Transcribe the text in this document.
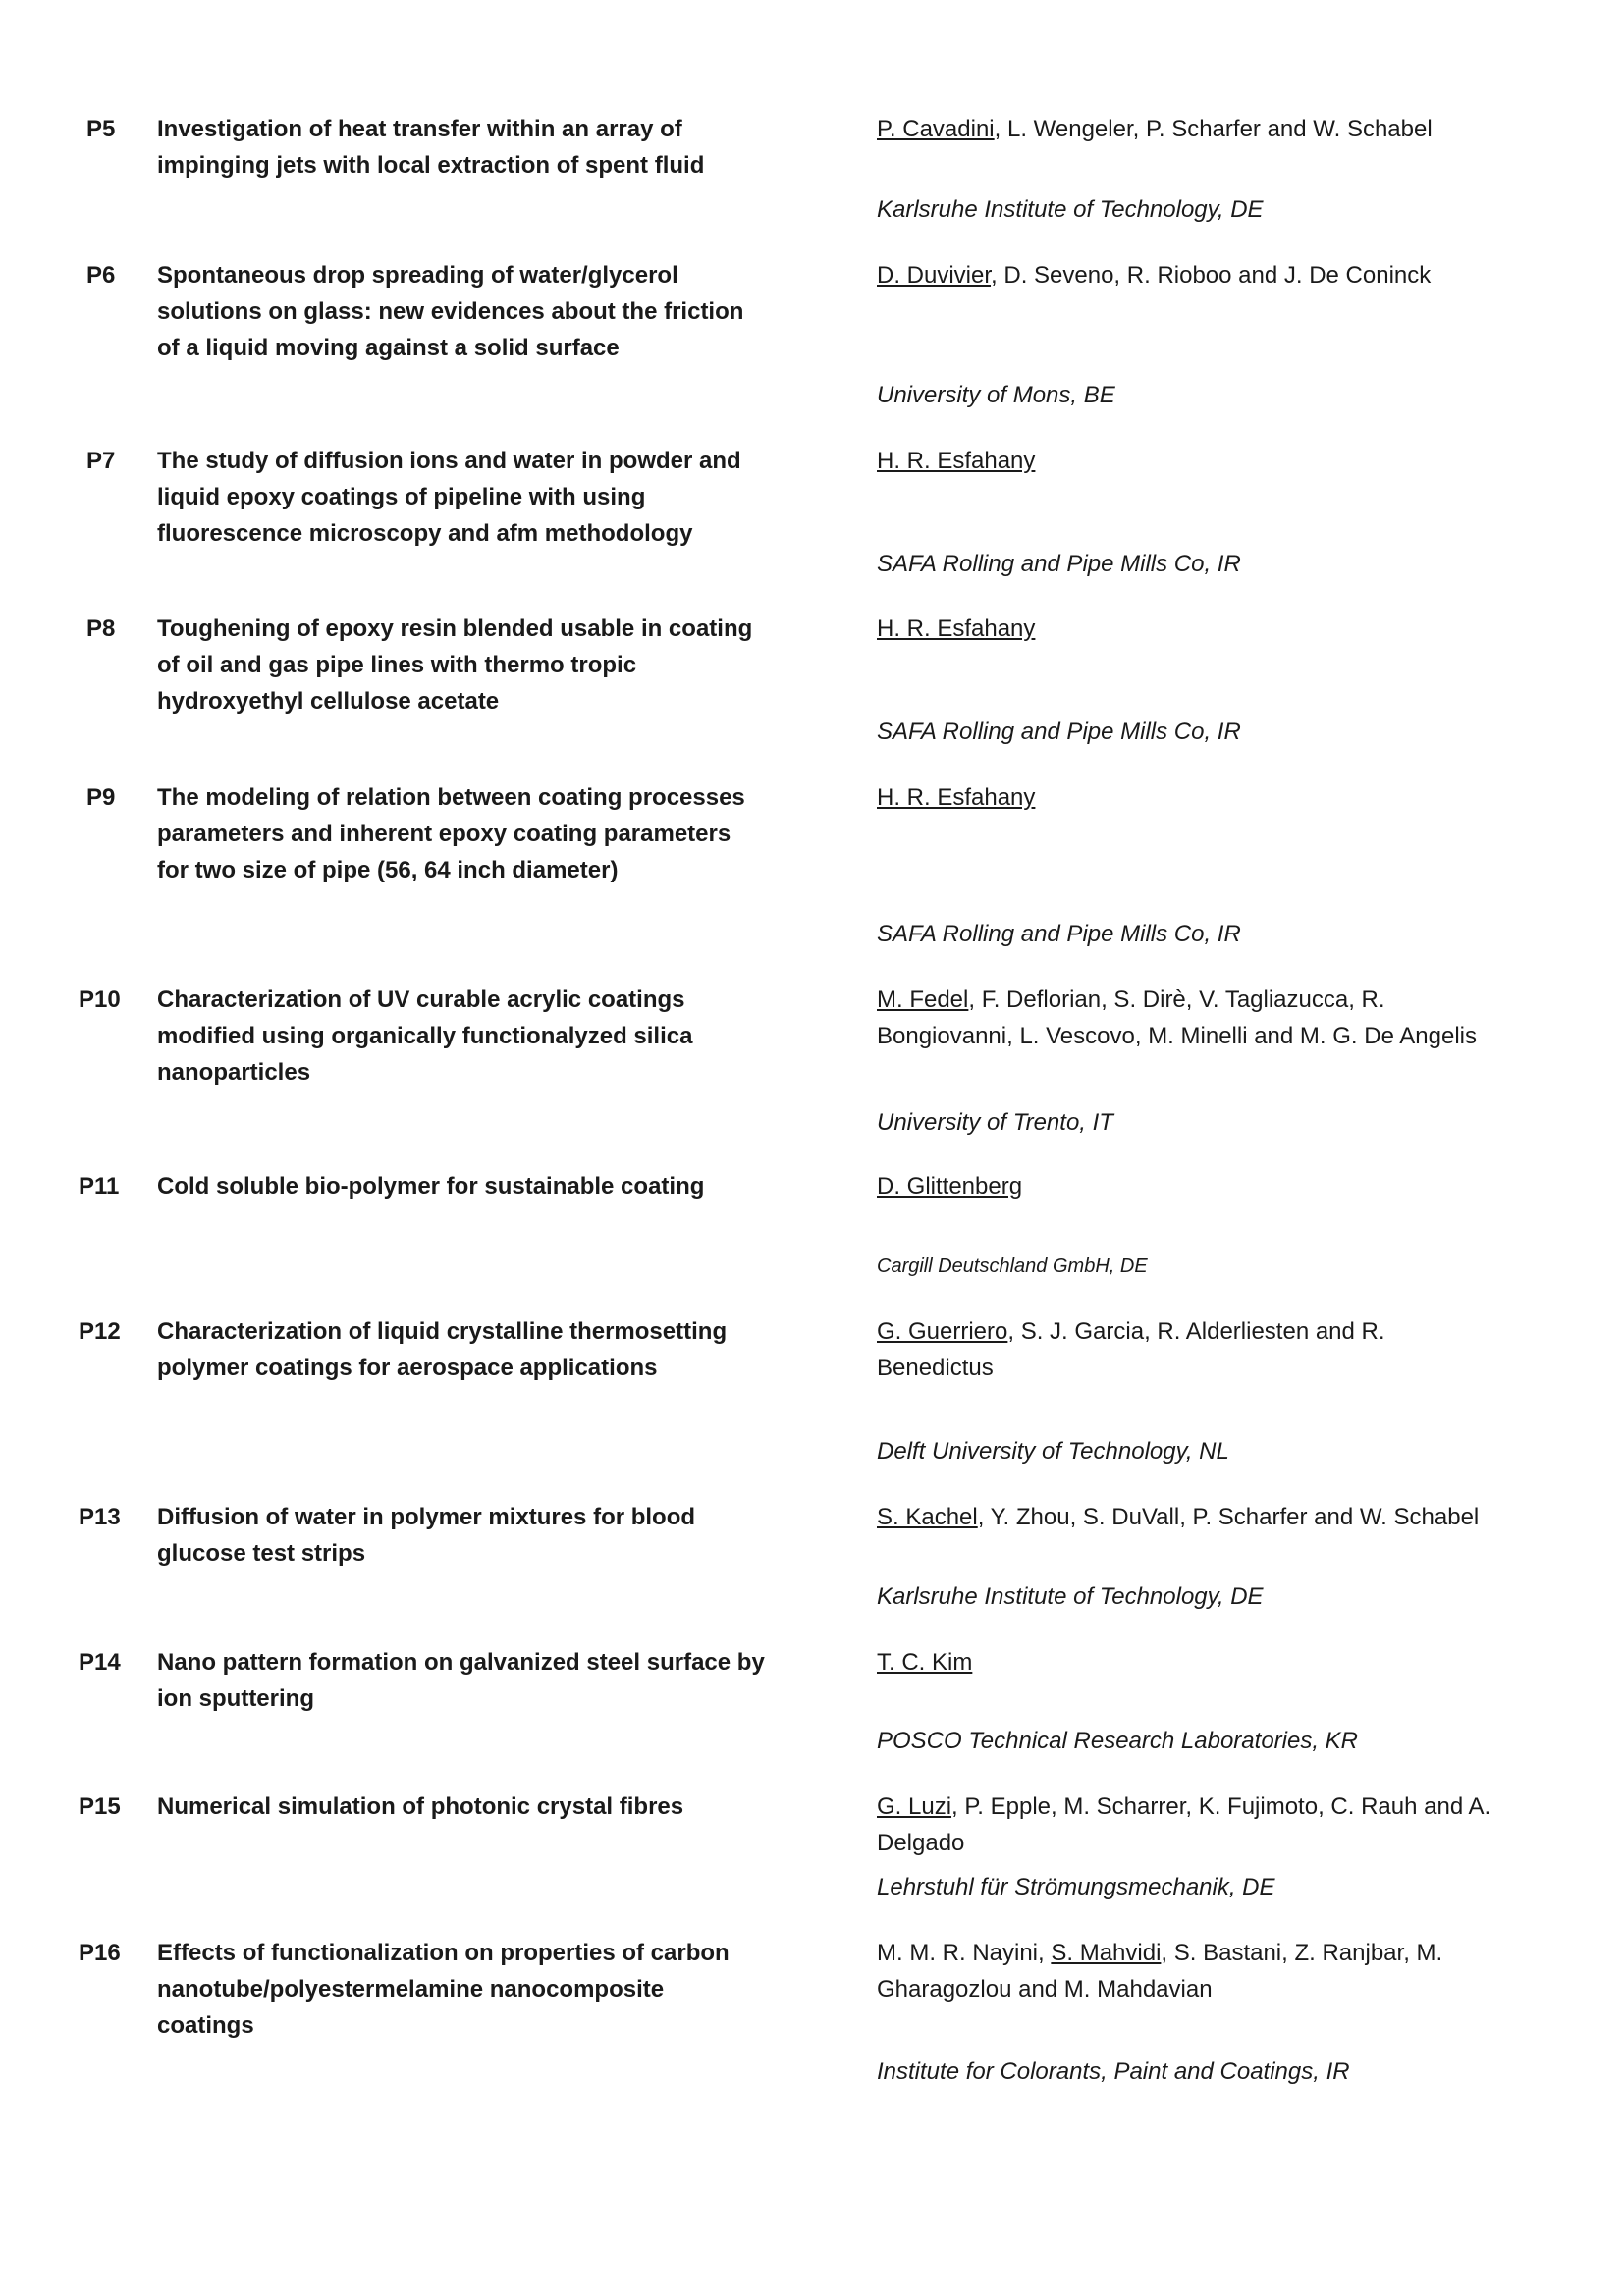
P5	Investigation of heat transfer within an array of impinging jets with local extraction of spent fluid
P. Cavadini, L. Wengeler, P. Scharfer and W. Schabel
Karlsruhe Institute of Technology, DE
P6	Spontaneous drop spreading of water/glycerol solutions on glass: new evidences about the friction of a liquid moving against a solid surface
D. Duvivier, D. Seveno, R. Rioboo and J. De Coninck
University of Mons, BE
P7	The study of diffusion ions and water in powder and liquid epoxy coatings of pipeline with using fluorescence microscopy and afm methodology
H. R. Esfahany
SAFA Rolling and Pipe Mills Co, IR
P8	Toughening of epoxy resin blended usable in coating of oil and gas pipe lines with thermo tropic hydroxyethyl cellulose acetate
H. R. Esfahany
SAFA Rolling and Pipe Mills Co, IR
P9	The modeling of relation between coating processes parameters and inherent epoxy coating parameters for two size of pipe (56, 64 inch diameter)
H. R. Esfahany
SAFA Rolling and Pipe Mills Co, IR
P10	Characterization of UV curable acrylic coatings modified using organically functionalyzed silica nanoparticles
M. Fedel, F. Deflorian, S. Dirè, V. Tagliazucca, R. Bongiovanni, L. Vescovo, M. Minelli and M. G. De Angelis
University of Trento, IT
P11	Cold soluble bio-polymer for sustainable coating	D. Glittenberg
Cargill Deutschland GmbH, DE
P12	Characterization of liquid crystalline thermosetting polymer coatings for aerospace applications
G. Guerriero, S. J. Garcia, R. Alderliesten and R. Benedictus
Delft University of Technology, NL
P13	Diffusion of water in polymer mixtures for blood glucose test strips
S. Kachel, Y. Zhou, S. DuVall, P. Scharfer and W. Schabel
Karlsruhe Institute of Technology, DE
P14	Nano pattern formation on galvanized steel surface by ion sputtering
T. C. Kim
POSCO Technical Research Laboratories, KR
P15	Numerical simulation of photonic crystal fibres	G. Luzi, P. Epple, M. Scharrer, K. Fujimoto, C. Rauh and A. Delgado
Lehrstuhl für Strömungsmechanik, DE
P16	Effects of functionalization on properties of carbon nanotube/polyestermelamine nanocomposite coatings
M. M. R. Nayini, S. Mahvidi, S. Bastani, Z. Ranjbar, M. Gharagozlou and M. Mahdavian
Institute for Colorants, Paint and Coatings, IR
